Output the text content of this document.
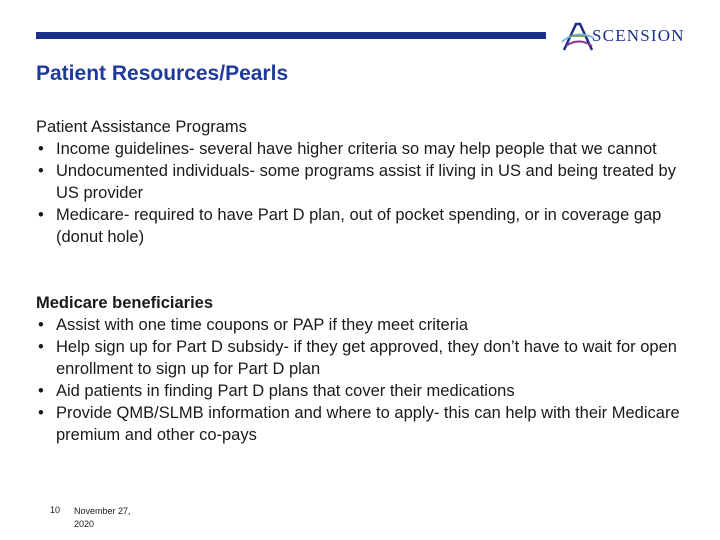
SCENSION
Patient Resources/Pearls
Patient Assistance Programs
• Income guidelines- several have higher criteria so may help people that we cannot
• Undocumented individuals- some programs assist if living in US and being treated by US provider
• Medicare- required to have Part D plan, out of pocket spending, or in coverage gap (donut hole)
Medicare beneficiaries
• Assist with one time coupons or PAP if they meet criteria
• Help sign up for Part D subsidy- if they get approved, they don’t have to wait for open enrollment to sign up for Part D plan
• Aid patients in finding Part D plans that cover their medications
• Provide QMB/SLMB information and where to apply- this can help with their Medicare premium and other co-pays
10 November 27, 2020
